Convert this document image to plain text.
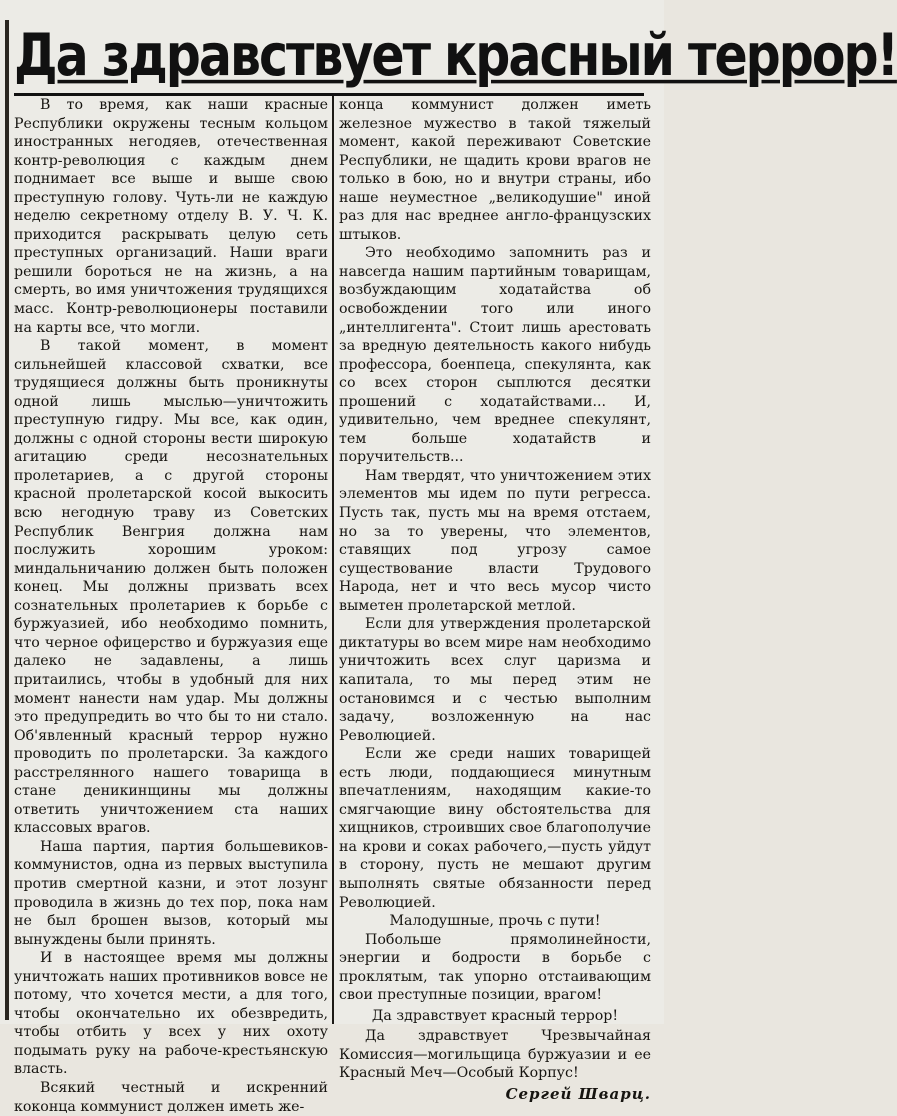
Да здравствует красный террор!

В то время, как наши красные Республики окружены тесным кольцом иностранных негодяев, отечественная контр-революция с каждым днем поднимает все выше и выше свою преступную голову. Чуть-ли не каждую неделю секретному отделу В. У. Ч. К. приходится раскрывать целую сеть преступных организаций. Наши враги решили бороться не на жизнь, а на смерть, во имя уничтожения трудящихся масс. Контр-революционеры поставили на карты все, что могли.

В такой момент, в момент сильнейшей классовой схватки, все трудящиеся должны быть проникнуты одной лишь мыслью—уничтожить преступную гидру. Мы все, как один, должны с одной стороны вести широкую агитацию среди несознательных пролетариев, а с другой стороны красной пролетарской косой выкосить всю негодную траву из Советских Республик Венгрия должна нам послужить хорошим уроком: миндальничанию должен быть положен конец. Мы должны призвать всех сознательных пролетариев к борьбе с буржуазией, ибо необходимо помнить, что черное офицерство и буржуазия еще далеко не задавлены, а лишь притаились, чтобы в удобный для них момент нанести нам удар. Мы должны это предупредить во что бы то ни стало. Об'явленный красный террор нужно проводить по пролетарски. За каждого расстрелянного нашего товарища в стане деникинщины мы должны ответить уничтожением ста наших классовых врагов.

Наша партия, партия большевиков-коммунистов, одна из первых выступила против смертной казни, и этот лозунг проводила в жизнь до тех пор, пока нам не был брошен вызов, который мы вынуждены были принять.

И в настоящее время мы должны уничтожать наших противников вовсе не потому, что хочется мести, а для того, чтобы окончательно их обезвредить, чтобы отбить у всех у них охоту подымать руку на рабоче-крестьянскую власть.

Всякий честный и искренний коконца коммунист должен иметь же-

конца коммунист должен иметь железное мужество в такой тяжелый момент, какой переживают Советские Республики, не щадить крови врагов не только в бою, но и внутри страны, ибо наше неуместное „великодушие" иной раз для нас вреднее англо-французских штыков.

Это необходимо запомнить раз и навсегда нашим партийным товарищам, возбуждающим ходатайства об освобождении того или иного „интеллигента". Стоит лишь арестовать за вредную деятельность какого нибудь профессора, боенпеца, спекулянта, как со всех сторон сыплются десятки прошений с ходатайствами... И, удивительно, чем вреднее спекулянт, тем больше ходатайств и поручительств...

Нам твердят, что уничтожением этих элементов мы идем по пути регресса. Пусть так, пусть мы на время отстаем, но за то уверены, что элементов, ставящих под угрозу самое существование власти Трудового Народа, нет и что весь мусор чисто выметен пролетарской метлой.

Если для утверждения пролетарской диктатуры во всем мире нам необходимо уничтожить всех слуг царизма и капитала, то мы перед этим не остановимся и с честью выполним задачу, возложенную на нас Революцией.

Если же среди наших товарищей есть люди, поддающиеся минутным впечатлениям, находящим какие-то смягчающие вину обстоятельства для хищников, строивших свое благополучие на крови и соках рабочего,—пусть уйдут в сторону, пусть не мешают другим выполнять святые обязанности перед Революцией.

Малодушные, прочь с пути!

Побольше прямолинейности, энергии и бодрости в борьбе с проклятым, так упорно отстаивающим свои преступные позиции, врагом!

Да здравствует красный террор!

Да здравствует Чрезвычайная Комиссия—могильщица буржуазии и ее Красный Меч—Особый Корпус!

Сергей Шварц.
